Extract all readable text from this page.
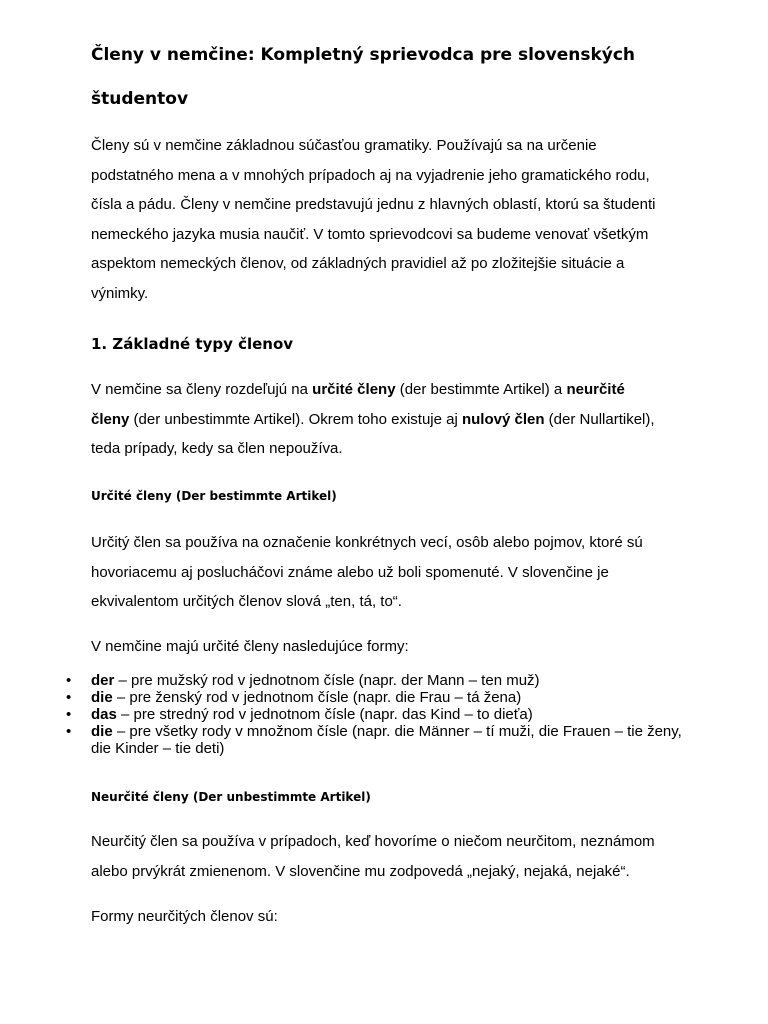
Členy v nemčine: Kompletný sprievodca pre slovenských
študentov
Členy sú v nemčine základnou súčasťou gramatiky. Používajú sa na určenie
podstatného mena a v mnohých prípadoch aj na vyjadrenie jeho gramatického rodu,
čísla a pádu. Členy v nemčine predstavujú jednu z hlavných oblastí, ktorú sa študenti
nemeckého jazyka musia naučiť. V tomto sprievodcovi sa budeme venovať všetkým
aspektom nemeckých členov, od základných pravidiel až po zložitejšie situácie a
výnimky.
1. Základné typy členov
V nemčine sa členy rozdeľujú na určité členy (der bestimmte Artikel) a neurčité
členy (der unbestimmte Artikel). Okrem toho existuje aj nulový člen (der Nullartikel),
teda prípady, kedy sa člen nepoužíva.
Určité členy (Der bestimmte Artikel)
Určitý člen sa používa na označenie konkrétnych vecí, osôb alebo pojmov, ktoré sú
hovoriacemu aj poslucháčovi známe alebo už boli spomenuté. V slovenčine je
ekvivalentom určitých členov slová „ten, tá, to“.
V nemčine majú určité členy nasledujúce formy:
• der – pre mužský rod v jednotnom čísle (napr. der Mann – ten muž)
• die – pre ženský rod v jednotnom čísle (napr. die Frau – tá žena)
• das – pre stredný rod v jednotnom čísle (napr. das Kind – to dieťa)
• die – pre všetky rody v množnom čísle (napr. die Männer – tí muži, die Frauen – tie ženy, die Kinder – tie deti)
Neurčité členy (Der unbestimmte Artikel)
Neurčitý člen sa používa v prípadoch, keď hovoríme o niečom neurčitom, neznámom
alebo prvýkrát zmienenom. V slovenčine mu zodpovedá „nejaký, nejaká, nejaké“.
Formy neurčitých členov sú:
